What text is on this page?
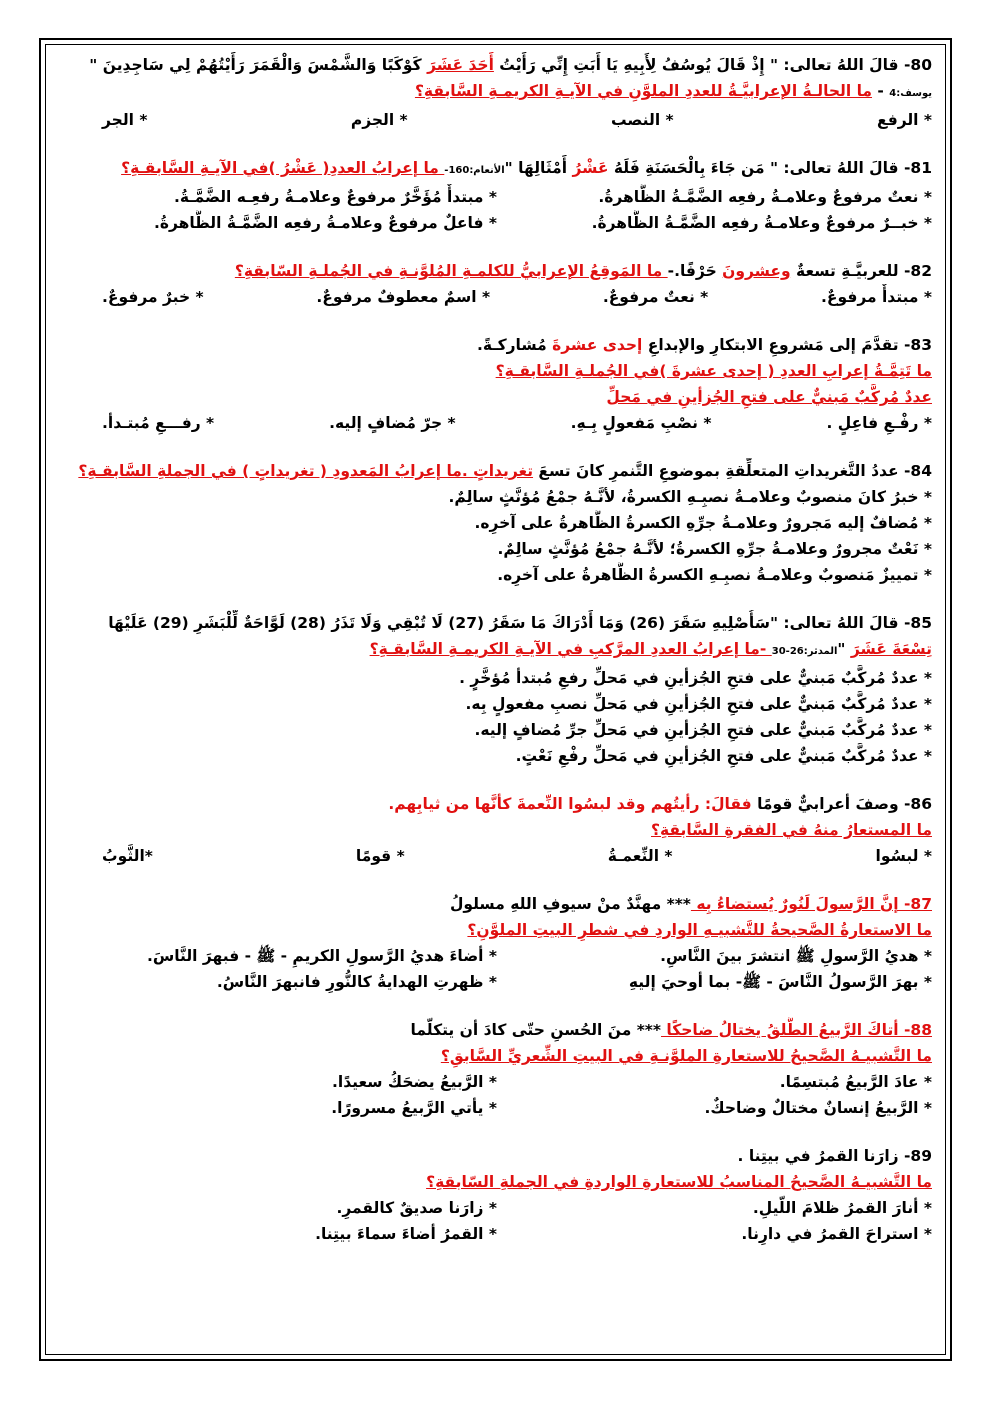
80- قالَ اللهُ تعالى: " إِذْ قَالَ يُوسُفُ لِأَبِيهِ يَا أَبَتِ إِنِّي رَأَيْتُ أَحَدَ عَشَرَ كَوْكَبًا وَالشَّمْسَ وَالْقَمَرَ رَأَيْتُهُمْ لِي سَاجِدِينَ "
يوسف:4 - ما الحالـةُ الإعرابيَّـةُ للعددِ الملوَّنِ في الآيـةِ الكريمـةِ السَّابقةِ؟
* الرفع
* النصب
* الجزم
* الجر
81- قالَ اللهُ تعالى: " مَن جَاءَ بِالْحَسَنَةِ فَلَهُ عَشْرُ أَمْثَالِهَا "الأنعام:160- ما إعرابُ العددِ( عَشْرُ )في الآيـةِ السَّابقـةِ؟
* نعتٌ مرفوعٌ وعلامـةُ رفعِه الضَّمَّـةُ الظَّاهرةُ.
* مبتدأٌ مُؤَخَّرٌ مرفوعٌ وعلامـةُ رفعِـه الضَّمَّـةُ.
* خبــرٌ مرفوعٌ وعلامـةُ رفعِه الضَّمَّـةُ الظَّاهرةُ.
* فاعلٌ مرفوعٌ وعلامـةُ رفعِه الضَّمَّـةُ الظَّاهرةُ.
82- للعربيَّـةِ تسعةٌ وعشرونَ حَرْفًا.- ما المَوقِعُ الإعرابيُّ للكلمـةِ المُلوَّنـةِ في الجُملـةِ السّابقةِ؟
* مبتدأٌ مرفوعٌ.
* نعتٌ مرفوعٌ.
* اسمٌ معطوفٌ مرفوعٌ.
* خبرٌ مرفوعٌ.
83- تقدَّمَ إلى مَشروعِ الابتكارِ والإبداعِ إحدى عشرةَ مُشاركـةً.
ما تَتِمَّـةُ إعرابِ العددِ ( إحدى عشرةَ )في الجُملـةِ السَّابقـةِ؟
عددٌ مُركَّبٌ مَبنيٌّ على فتحِ الجُزأينِ في مَحلِّ
* رفْـعِ فاعِلٍ .
* نصْبِ مَفعولٍ بِـهِ.
* جرّ مُضافٍ إليه.
* رفـــعِ مُبتـدأ.
84- عددُ التَّغريداتِ المتعلِّقةِ بموضوعِ التَّنمرِ كانَ تسعَ تغريداتٍ .ما إعرابُ المَعدودِ ( تغريداتٍ ) في الجملةِ السَّابقـةِ؟
* خبرُ كانَ منصوبٌ وعلامـةُ نصبِـهِ الكسرةُ، لأنَّـهُ جمْعُ مُؤنَّثٍ سالِمٌ.
* مُضافٌ إليه مَجرورٌ وعلامـةُ جرِّهِ الكسرةُ الظَّاهرةُ على آخرِه.
* نَعْتٌ مجرورٌ وعلامـةُ جرِّهِ الكسرةُ؛ لأنَّـهُ جمْعُ مُؤنَّثٍ سالِمٌ.
* تمييزٌ مَنصوبٌ وعلامـةُ نصبِـهِ الكسرةُ الظَّاهرةُ على آخرِه.
85- قالَ اللهُ تعالى: "سَأُصْلِيهِ سَقَرَ (26) وَمَا أَدْرَاكَ مَا سَقَرُ (27) لَا تُبْقِي وَلَا تَذَرُ (28) لَوَّاحَةٌ لِّلْبَشَرِ (29) عَلَيْهَا
تِسْعَةَ عَشَرَ "المدثر:26-30 -ما إعرابُ العددِ المرَّكبِ في الآيـةِ الكريمـةِ السَّابقـةِ؟
* عددٌ مُركَّبٌ مَبنيٌّ على فتحِ الجُزأينِ في مَحلِّ رفعِ مُبتدأ مُؤخَّرٍ .
* عددٌ مُركَّبٌ مَبنيٌّ على فتحِ الجُزأينِ في مَحلِّ نصبِ مفعولٍ بِه.
* عددٌ مُركَّبٌ مَبنيٌّ على فتحِ الجُزأينِ في مَحلِّ جرِّ مُضافٍ إليه.
* عددٌ مُركَّبٌ مَبنيٌّ على فتحِ الجُزأينِ في مَحلِّ رفْعِ نَعْتٍ.
86- وصفَ أعرابيٌّ قومًا فقالَ: رأيتُهم وقد لبسُوا النِّعمةَ كأنَّها من ثيابِهم.
ما المستعارُ منهُ في الفقرةِ السَّابقةِ؟
* لبسُوا
* النِّعمـةُ
* قومًا
*الثَّوبُ
87- إنَّ الرَّسولَ لَنُورٌ يُستضاءُ بِه *** مهنَّدٌ منْ سيوفِ اللهِ مسلولُ
ما الاستعارةُ الصَّحيحةُ للتَّشبيـهِ الواردِ في شطرِ البيتِ الملوَّنِ؟
* هديُ الرَّسولِ ﷺ انتشرَ بينَ النَّاسِ.
* أضاءَ هديُ الرَّسولِ الكريمِ - ﷺ - فبهرَ النَّاسَ.
* بهرَ الرَّسولُ النَّاسَ - ﷺ- بما أوحيَ إليهِ
* ظهرتِ الهدايةُ كالنُّورِ فانبهرَ النَّاسُ.
88- أتاكَ الرَّبيعُ الطَّلقُ يختالُ ضاحكًا *** منَ الحُسنِ حتّى كادَ أن يتكلّما
ما التَّشبيـهُ الصَّحيحُ للاستعارةِ الملوَّنـةِ في البيتِ الشِّعريِّ السَّابقِ؟
* عادَ الرَّبيعُ مُبتسِمًا.
* الرَّبيعُ يضحَكُ سعيدًا.
* الرَّبيعُ إنسانٌ مختالٌ وضاحكٌ.
* يأتي الرَّبيعُ مسرورًا.
89- زارَنا القمرُ في بيتِنا .
ما التَّشبيـهُ الصَّحيحُ المناسبُ للاستعارةِ الواردةِ في الجملةِ السّابقةِ؟
* أنارَ القمرُ ظلامَ اللّيلِ.
* زارَنا صديقٌ كالقمرِ.
* استراحَ القمرُ في دارِنا.
* القمرُ أضاءَ سماءَ بيتِنا.
